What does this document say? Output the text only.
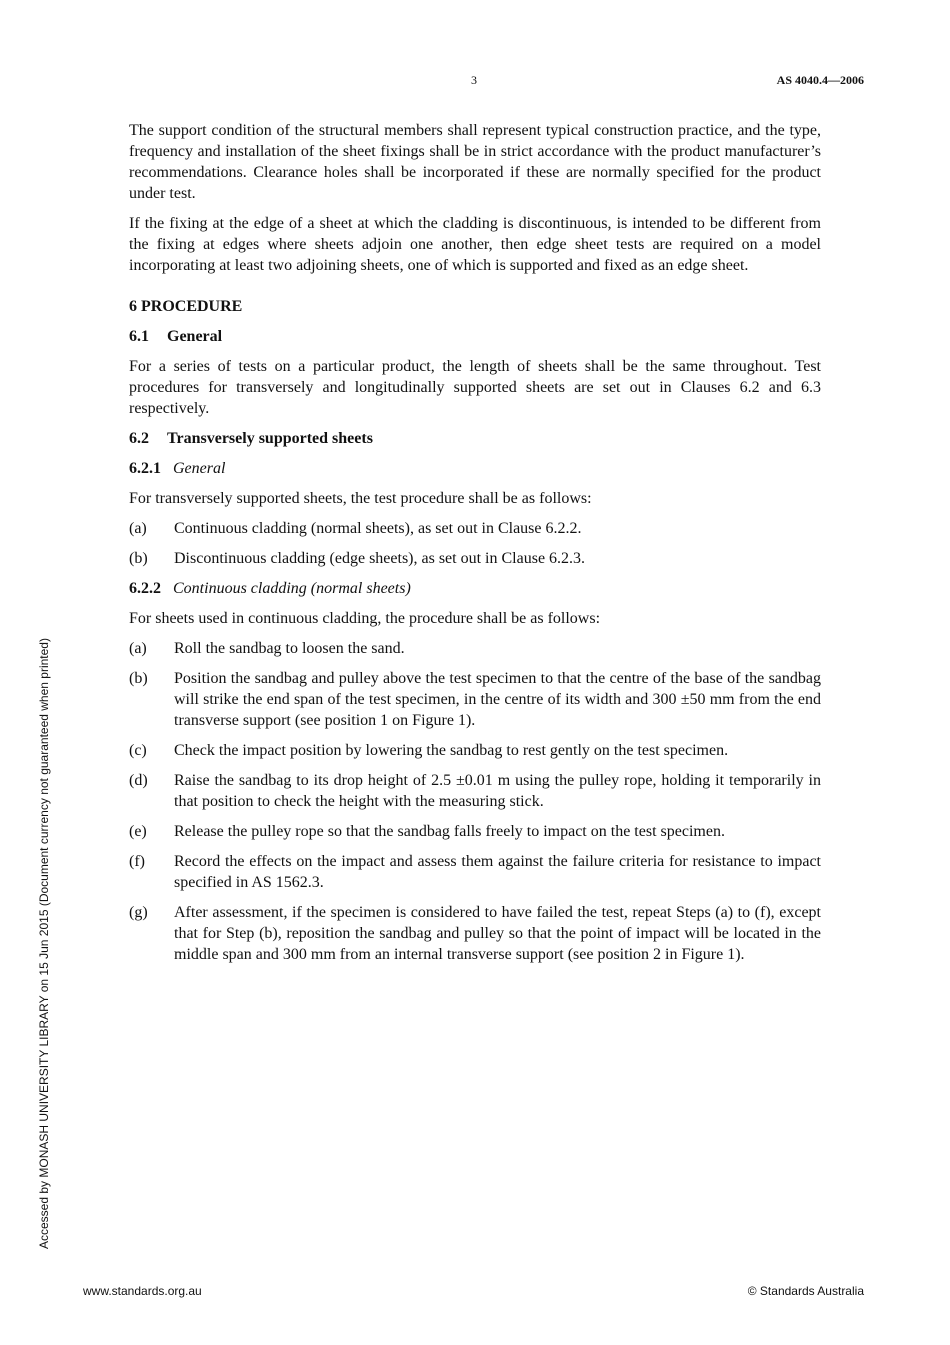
3	AS 4040.4—2006

The support condition of the structural members shall represent typical construction practice, and the type, frequency and installation of the sheet fixings shall be in strict accordance with the product manufacturer’s recommendations. Clearance holes shall be incorporated if these are normally specified for the product under test.

If the fixing at the edge of a sheet at which the cladding is discontinuous, is intended to be different from the fixing at edges where sheets adjoin one another, then edge sheet tests are required on a model incorporating at least two adjoining sheets, one of which is supported and fixed as an edge sheet.

6 PROCEDURE
6.1 General

For a series of tests on a particular product, the length of sheets shall be the same throughout. Test procedures for transversely and longitudinally supported sheets are set out in Clauses 6.2 and 6.3 respectively.

6.2 Transversely supported sheets
6.2.1 General

For transversely supported sheets, the test procedure shall be as follows:

(a)	Continuous cladding (normal sheets), as set out in Clause 6.2.2.
(b)	Discontinuous cladding (edge sheets), as set out in Clause 6.2.3.
6.2.2 Continuous cladding (normal sheets)

For sheets used in continuous cladding, the procedure shall be as follows:

(a)	Roll the sandbag to loosen the sand.
(b)	Position the sandbag and pulley above the test specimen to that the centre of the base of the sandbag will strike the end span of the test specimen, in the centre of its width and 300 ±50 mm from the end transverse support (see position 1 on Figure 1).
(c)	Check the impact position by lowering the sandbag to rest gently on the test specimen.
(d)	Raise the sandbag to its drop height of 2.5 ±0.01 m using the pulley rope, holding it temporarily in that position to check the height with the measuring stick.
(e)	Release the pulley rope so that the sandbag falls freely to impact on the test specimen.
(f)	Record the effects on the impact and assess them against the failure criteria for resistance to impact specified in AS 1562.3.
(g)	After assessment, if the specimen is considered to have failed the test, repeat Steps (a) to (f), except that for Step (b), reposition the sandbag and pulley so that the point of impact will be located in the middle span and 300 mm from an internal transverse support (see position 2 in Figure 1).
Accessed by MONASH UNIVERSITY LIBRARY on 15 Jun 2015 (Document currency not guaranteed when printed)
www.standards.org.au	© Standards Australia
